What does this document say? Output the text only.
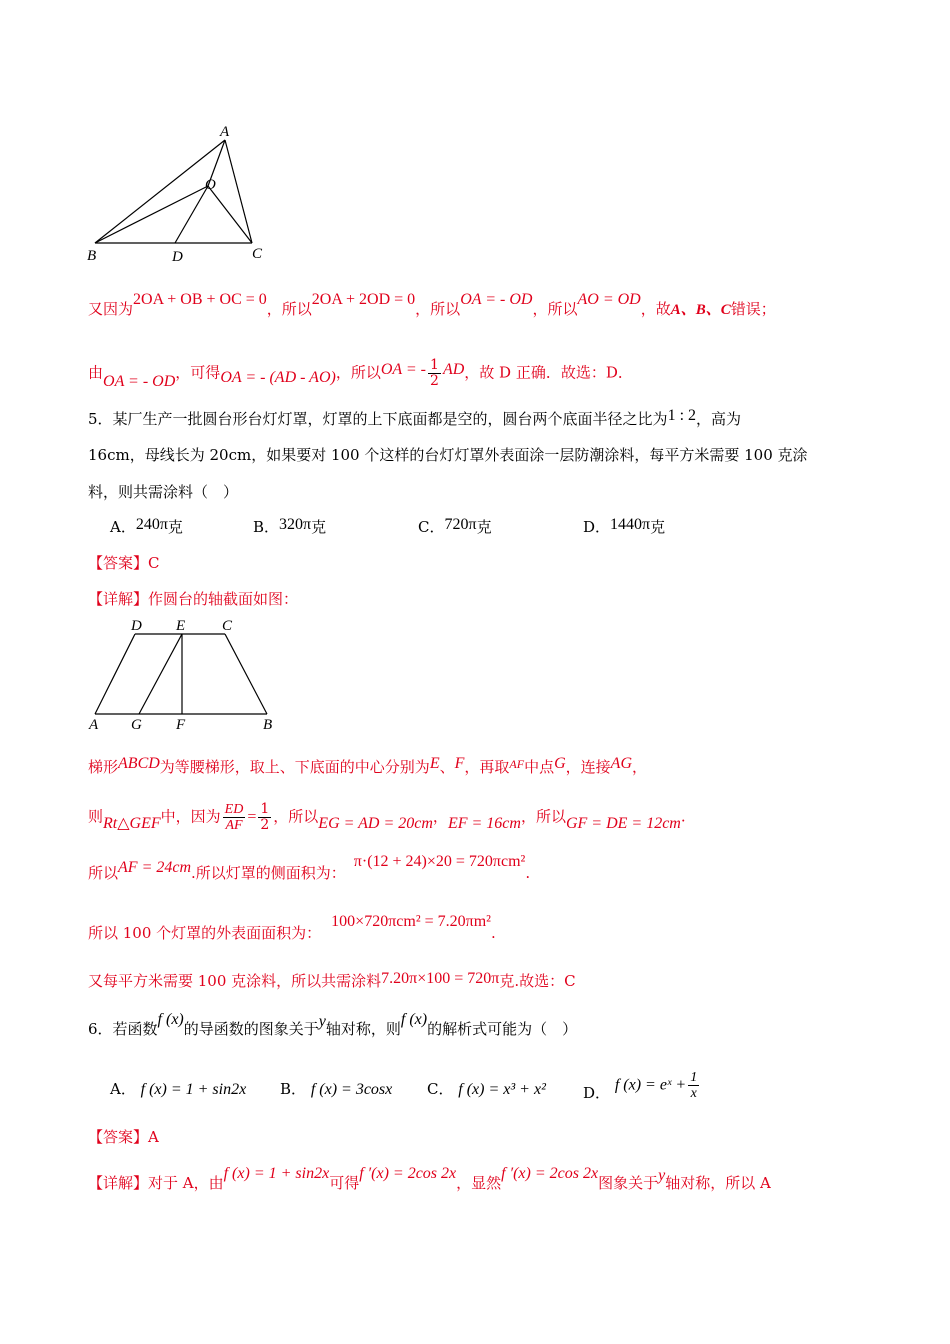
A
O
B	D	C
又因为2OA + OB + OC = 0，所以2OA + 2OD = 0，所以OA = - OD，所以AO = OD，故A、B、C错误；
由OA = - OD，可得OA = - (AD - AO)，所以OA = - $\frac{1}{2}$ AD，故 D 正确．故选：D．
5．某厂生产一批圆台形台灯灯罩，灯罩的上下底面都是空的，圆台两个底面半径之比为1 : 2，高为
16cm，母线长为 20cm，如果要对 100 个这样的台灯灯罩外表面涂一层防潮涂料，每平方米需要 100 克涂
料，则共需涂料（　）
A．240π克	B．320π克	C．720π克	D．1440π克
【答案】C
【详解】作圆台的轴截面如图：
D E C
A G F	B
梯形ABCD为等腰梯形，取上、下底面的中心分别为E、F，再取$^{AF}$中点G，连接AG，
则Rt△GEF中，因为 $\frac{ED}{AF} = \frac{1}{2}$ ，所以EG = AD = 20cm，EF = 16cm，所以GF = DE = 12cm.
所以AF = 24cm.所以灯罩的侧面积为：π·(12 + 24)×20 = 720πcm².
所以 100 个灯罩的外表面面积为：100×720πcm² = 7.20πm².
又每平方米需要 100 克涂料，所以共需涂料7.20π×100 = 720π克.故选：C
6．若函数f (x)的导函数的图象关于y轴对称，则f (x)的解析式可能为（　）
A． f (x) = 1 + sin2x B． f (x) = 3cosx C． f (x) = x³ + x² D． f (x) = eˣ + $\frac{1}{x}$
【答案】A
【详解】对于 A，由f (x) = 1 + sin2x可得f ′(x) = 2cos 2x，显然f ′(x) = 2cos 2x图象关于y轴对称，所以 A
